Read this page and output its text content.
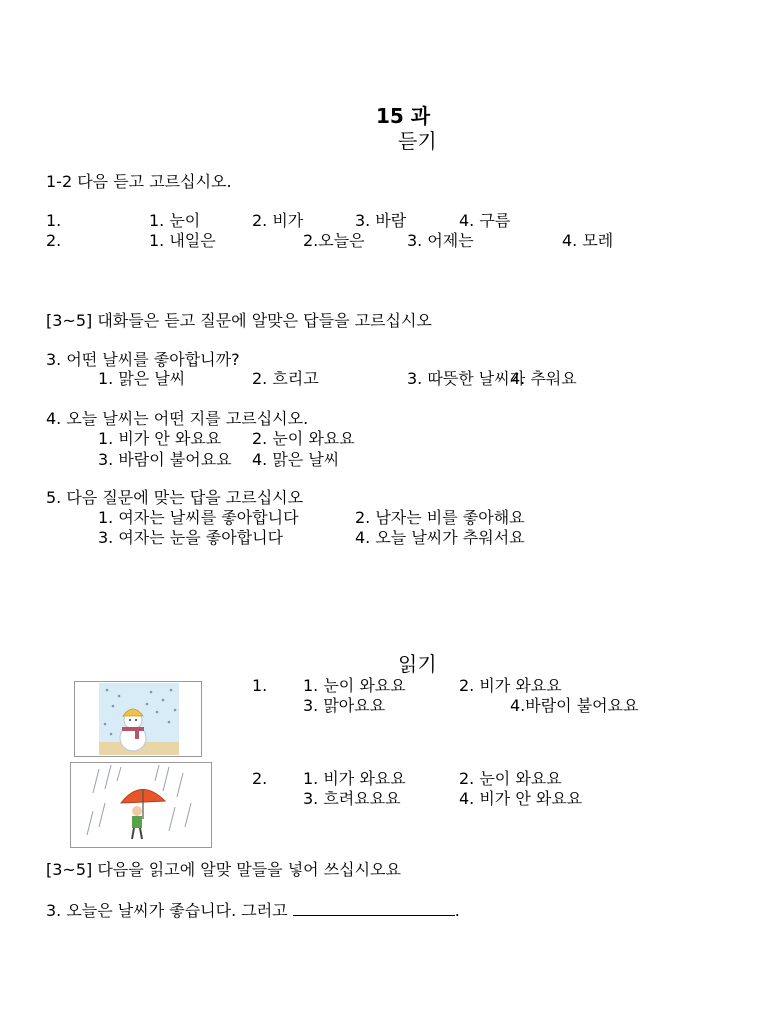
15 과
듣기
1-2 다음 듣고 고르십시오.
1.	1. 눈이	2. 비가	3. 바람	4. 구름
2.	1. 내일은	2.오늘은	3. 어제는	4. 모레
[3~5] 대화들은 듣고 질문에 알맞은 답들을 고르십시오
3. 어떤 날씨를 좋아합니까?
1. 맑은 날씨	2. 흐리고	3. 따뜻한 날씨가
4. 추워요
4. 오늘 날씨는 어떤 지를 고르십시오.
1. 비가 안 와요요 2. 눈이 와요요
3. 바람이 불어요요 4. 맑은 날씨
5. 다음 질문에 맞는 답을 고르십시오
1. 여자는 날씨를 좋아합니다	2. 남자는 비를 좋아해요
3. 여자는 눈을 좋아합니다	4. 오늘 날씨가 추워서요
읽기
1. 1. 눈이 와요요	2. 비가 와요요
3. 맑아요요	4.바람이 불어요요
2. 1. 비가 와요요	2. 눈이 와요요
3. 흐려요요요	4. 비가 안 와요요
[3~5] 다음을 읽고에 알맞 말들을 넣어 쓰십시오요
3. 오늘은 날씨가 좋습니다. 그러고	.
